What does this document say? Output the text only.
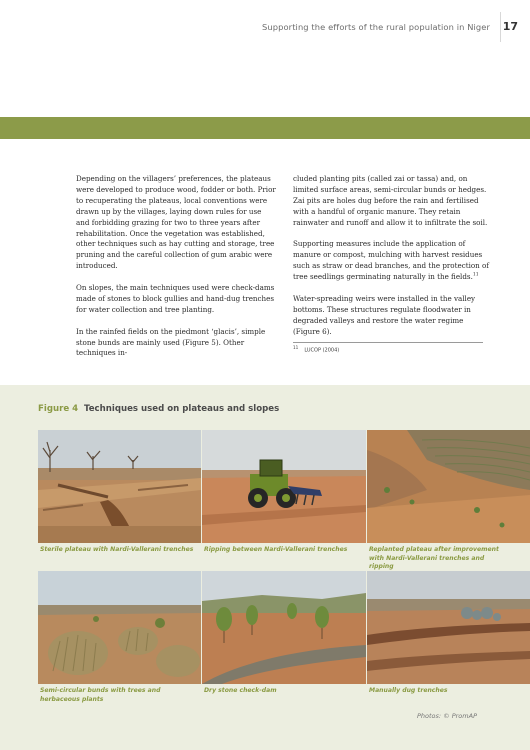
Supporting the efforts of the rural population in Niger 17

Depending on the villagers’ preferences, the plateaus were developed to produce wood, fodder or both. Prior to recuperating the plateaus, local conventions were drawn up by the villages, laying down rules for use and forbidding grazing for two to three years after rehabilitation. Once the vegetation was established, other techniques such as hay cutting and storage, tree pruning and the careful collection of gum arabic were introduced.

On slopes, the main techniques used were check-dams made of stones to block gullies and hand-dug trenches for water collection and tree planting.

In the rainfed fields on the piedmont ‘glacis’, simple stone bunds are mainly used (Figure 5). Other techniques in-

cluded planting pits (called zai or tassa) and, on limited surface areas, semi-circular bunds or hedges. Zai pits are holes dug before the rain and fertilised with a handful of organic manure. They retain rainwater and runoff and allow it to infiltrate the soil.

Supporting measures include the application of manure or compost, mulching with harvest residues such as straw or dead branches, and the protection of tree seedlings germinating naturally in the fields.$^{11}$

Water-spreading weirs were installed in the valley bottoms. These structures regulate floodwater in degraded valleys and restore the water regime (Figure 6).

$^{11}$LUCOP (2004)
Figure 4 Techniques used on plateaus and slopes
Sterile plateau with Nardi-Vallerani trenches	Ripping between Nardi-Vallerani trenches	Replanted plateau after improvement with Nardi-Vallerani trenches and ripping
Semi-circular bunds with trees and herbaceous plants
Dry stone check-dam	Manually dug trenches
Photos: © PromAP
